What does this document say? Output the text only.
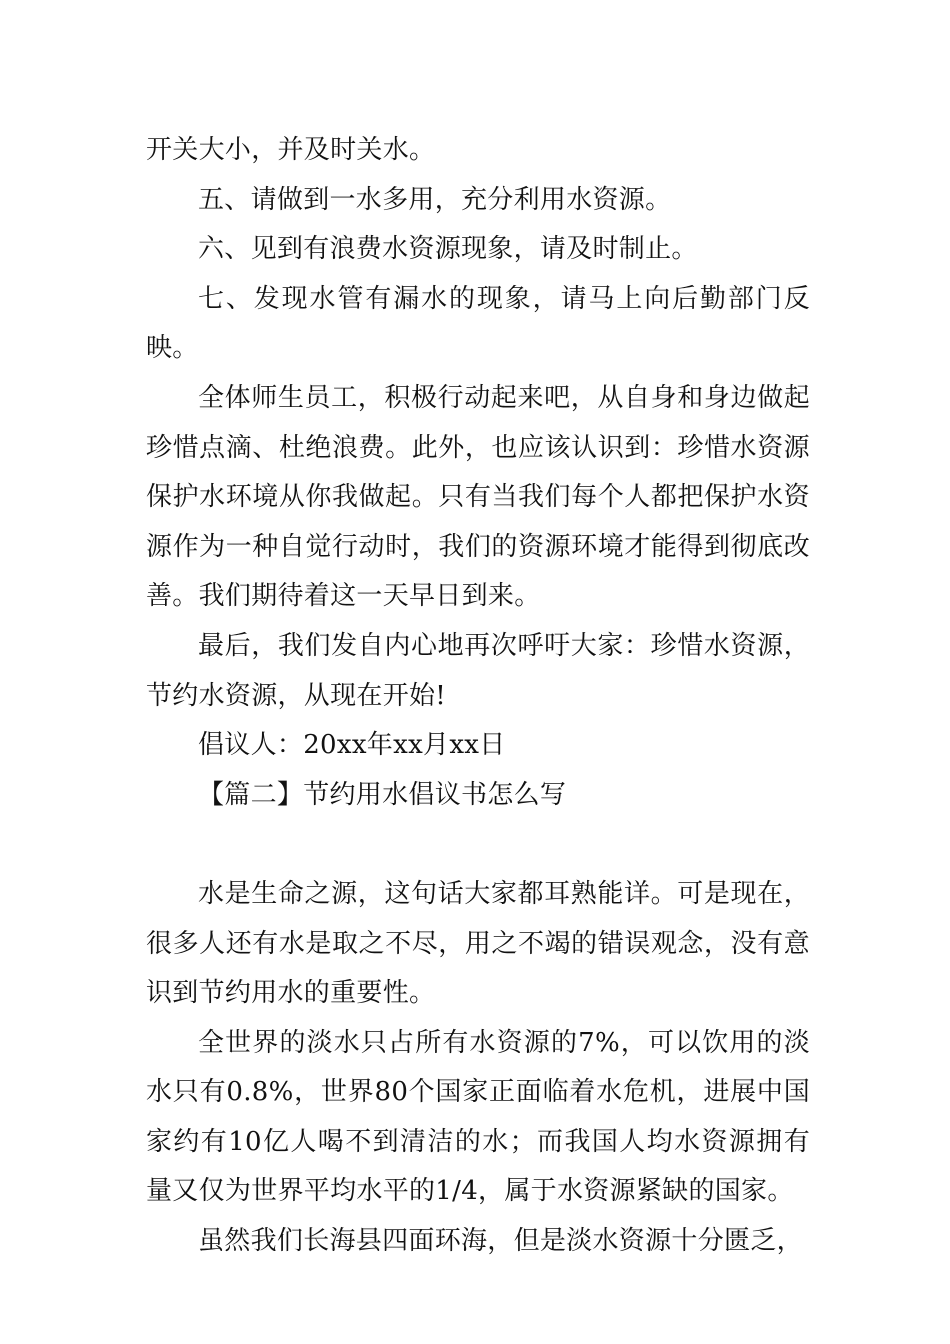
开关大小，并及时关水。

五、请做到一水多用，充分利用水资源。

六、见到有浪费水资源现象，请及时制止。

七、发现水管有漏水的现象，请马上向后勤部门反映。

全体师生员工，积极行动起来吧，从自身和身边做起珍惜点滴、杜绝浪费。此外，也应该认识到：珍惜水资源保护水环境从你我做起。只有当我们每个人都把保护水资源作为一种自觉行动时，我们的资源环境才能得到彻底改善。我们期待着这一天早日到来。

最后，我们发自内心地再次呼吁大家：珍惜水资源，节约水资源，从现在开始!

倡议人：20xx年xx月xx日

【篇二】节约用水倡议书怎么写

水是生命之源，这句话大家都耳熟能详。可是现在，很多人还有水是取之不尽，用之不竭的错误观念，没有意识到节约用水的重要性。

全世界的淡水只占所有水资源的7%，可以饮用的淡水只有0.8%，世界80个国家正面临着水危机，进展中国家约有10亿人喝不到清洁的水；而我国人均水资源拥有量又仅为世界平均水平的1/4，属于水资源紧缺的国家。

虽然我们长海县四面环海，但是淡水资源十分匮乏，
